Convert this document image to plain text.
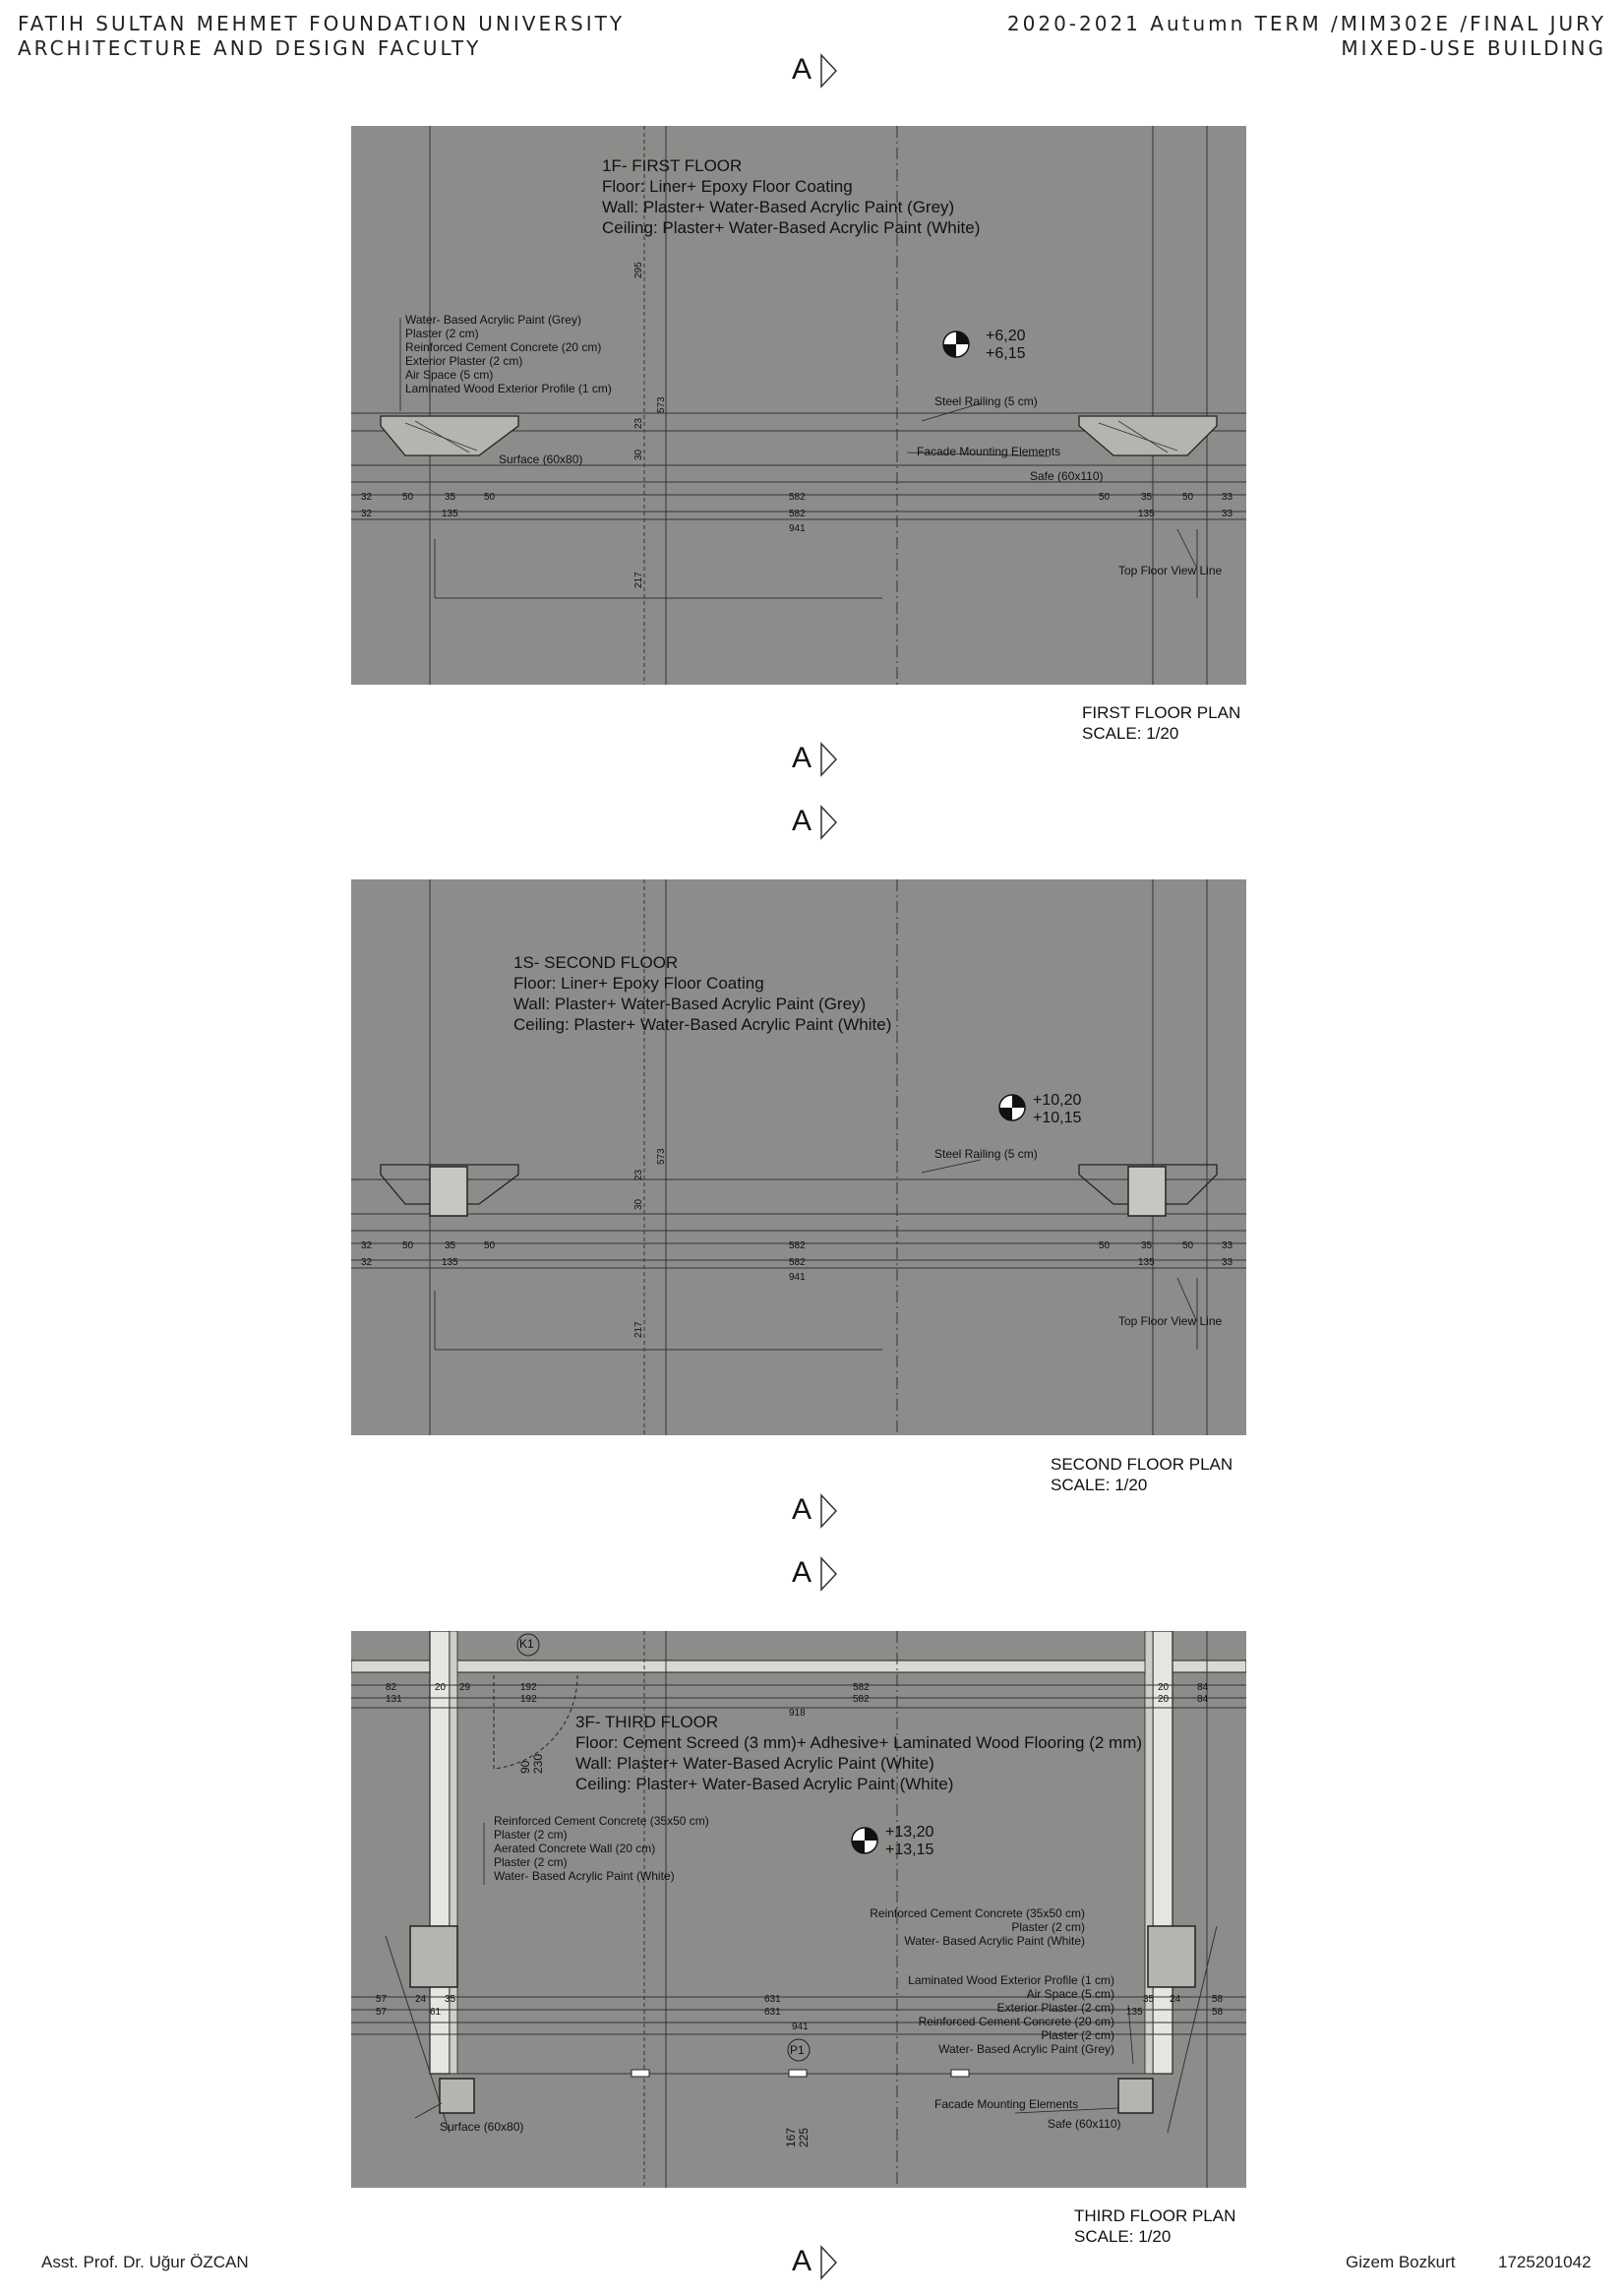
FATIH SULTAN MEHMET FOUNDATION UNIVERSITY
ARCHITECTURE AND DESIGN FACULTY
2020-2021 Autumn TERM /MIM302E /FINAL JURY
MIXED-USE BUILDING
A
A
A
A
A
A
1F- FIRST FLOOR
Floor: Liner+ Epoxy Floor Coating
Wall: Plaster+ Water-Based Acrylic Paint (Grey)
Ceiling: Plaster+ Water-Based Acrylic Paint (White)
Water- Based Acrylic Paint (Grey)
Plaster (2 cm)
Reinforced Cement Concrete (20 cm)
Exterior Plaster (2 cm)
Air Space (5 cm)
Laminated Wood Exterior Profile (1 cm)
+6,20
+6,15
Steel Railing (5 cm)
Facade Mounting Elements
Safe (60x110)
Surface (60x80)
Top Floor View Line
32	50	35	50	582	50	35	50	33
32	135	582	135	33
941
295
573
23
30
217
FIRST FLOOR PLAN
SCALE: 1/20
1S- SECOND FLOOR
Floor: Liner+ Epoxy Floor Coating
Wall: Plaster+ Water-Based Acrylic Paint (Grey)
Ceiling: Plaster+ Water-Based Acrylic Paint (White)
+10,20
+10,15
Steel Railing (5 cm)
Top Floor View Line
32	50	35	50	582	50	35	50	33
32	135	582	135	33
941
573
23
30
217
SECOND FLOOR PLAN
SCALE: 1/20
K1
P1
3F- THIRD FLOOR
Floor: Cement Screed (3 mm)+ Adhesive+ Laminated Wood Flooring (2 mm)
Wall: Plaster+ Water-Based Acrylic Paint (White)
Ceiling: Plaster+ Water-Based Acrylic Paint (White)
Reinforced Cement Concrete (35x50 cm)
Plaster (2 cm)
Aerated Concrete Wall (20 cm)
Plaster (2 cm)
Water- Based Acrylic Paint (White)
Reinforced Cement Concrete (35x50 cm)
Plaster (2 cm)
Water- Based Acrylic Paint (White)
Laminated Wood Exterior Profile (1 cm)
Air Space (5 cm)
Exterior Plaster (2 cm)
Reinforced Cement Concrete (20 cm)
Plaster (2 cm)
Water- Based Acrylic Paint (Grey)
+13,20
+13,15
Facade Mounting Elements
Safe (60x110)
Surface (60x80)
82	20 29	192	582	20	84
131	192	582	20	84
918
57	24 35	631	35 24	58
57	61	631	135	58
941
90 230
167 225
THIRD FLOOR PLAN
SCALE: 1/20
Asst. Prof. Dr. Uğur ÖZCAN	Gizem Bozkurt	1725201042
